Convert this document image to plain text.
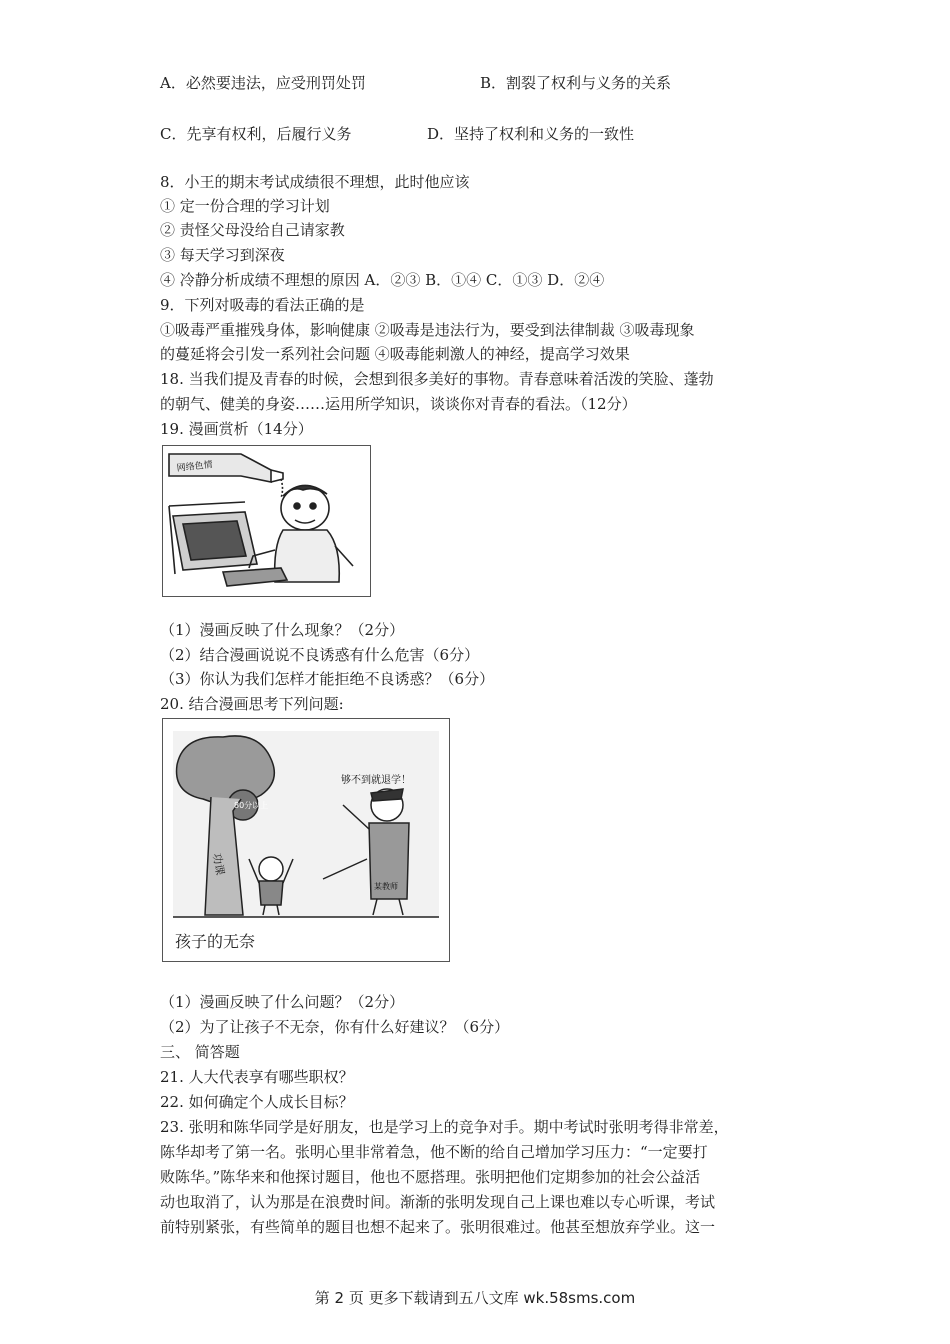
A．必然要违法，应受刑罚处罚	B．割裂了权利与义务的关系
C．先享有权利，后履行义务	D．坚持了权利和义务的一致性
8．小王的期末考试成绩很不理想，此时他应该
① 定一份合理的学习计划
② 责怪父母没给自己请家教
③ 每天学习到深夜
④ 冷静分析成绩不理想的原因 A．②③ B．①④ C．①③ D．②④
9．下列对吸毒的看法正确的是
①吸毒严重摧残身体，影响健康 ②吸毒是违法行为，要受到法律制裁 ③吸毒现象
的蔓延将会引发一系列社会问题 ④吸毒能刺激人的神经，提高学习效果
18. 当我们提及青春的时候，会想到很多美好的事物。青春意味着活泼的笑脸、蓬勃
的朝气、健美的身姿……运用所学知识，谈谈你对青春的看法。（12分）
19. 漫画赏析（14分）
网络色情
（1）漫画反映了什么现象？（2分）
（2）结合漫画说说不良诱惑有什么危害（6分）
（3）你认为我们怎样才能拒绝不良诱惑？（6分）
20. 结合漫画思考下列问题:
80分以上
功课
某教师
够不到就退学！
孩子的无奈
（1）漫画反映了什么问题？（2分）
（2）为了让孩子不无奈，你有什么好建议？（6分）
三、 简答题
21. 人大代表享有哪些职权？
22. 如何确定个人成长目标？
23. 张明和陈华同学是好朋友，也是学习上的竞争对手。期中考试时张明考得非常差，
陈华却考了第一名。张明心里非常着急，他不断的给自己增加学习压力：“一定要打
败陈华。”陈华来和他探讨题目，他也不愿搭理。张明把他们定期参加的社会公益活
动也取消了，认为那是在浪费时间。渐渐的张明发现自己上课也难以专心听课，考试
前特别紧张，有些简单的题目也想不起来了。张明很难过。他甚至想放弃学业。这一
第 2 页 更多下载请到五八文库 wk.58sms.com
